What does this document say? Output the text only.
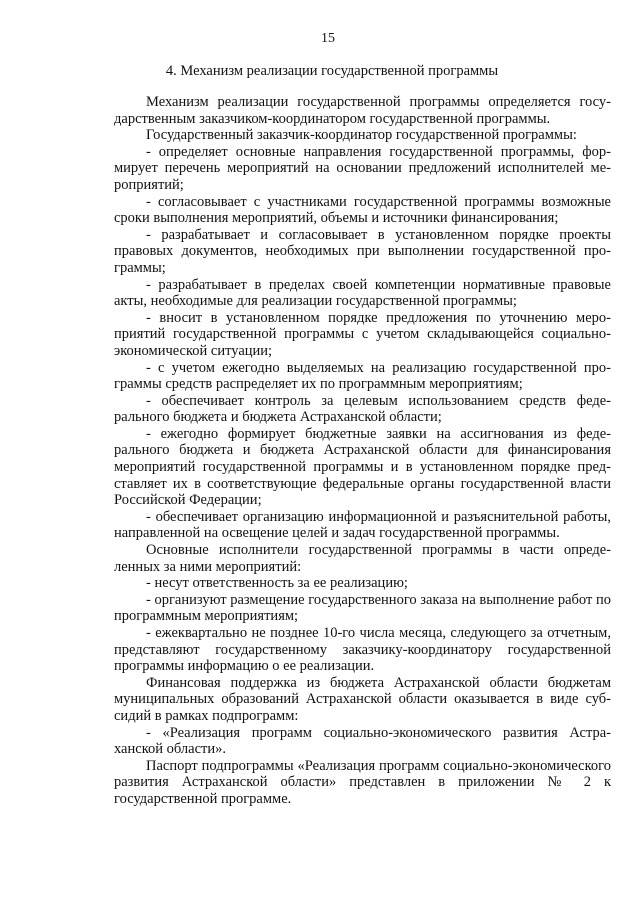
15
4. Механизм реализации государственной программы

Механизм реализации государственной программы определяется государственным заказчиком-координатором государственной программы.

Государственный заказчик-координатор государственной программы:

- определяет основные направления государственной программы, формирует перечень мероприятий на основании предложений исполнителей мероприятий;

- согласовывает с участниками государственной программы возможные сроки выполнения мероприятий, объемы и источники финансирования;

- разрабатывает и согласовывает в установленном порядке проекты правовых документов, необходимых при выполнении государственной программы;

- разрабатывает в пределах своей компетенции нормативные правовые акты, необходимые для реализации государственной программы;

- вносит в установленном порядке предложения по уточнению мероприятий государственной программы с учетом складывающейся социально-экономической ситуации;

- с учетом ежегодно выделяемых на реализацию государственной программы средств распределяет их по программным мероприятиям;

- обеспечивает контроль за целевым использованием средств федерального бюджета и бюджета Астраханской области;

- ежегодно формирует бюджетные заявки на ассигнования из федерального бюджета и бюджета Астраханской области для финансирования мероприятий государственной программы и в установленном порядке представляет их в соответствующие федеральные органы государственной власти Российской Федерации;

- обеспечивает организацию информационной и разъяснительной работы, направленной на освещение целей и задач государственной программы.

Основные исполнители государственной программы в части определенных за ними мероприятий:

- несут ответственность за ее реализацию;

- организуют размещение государственного заказа на выполнение работ по программным мероприятиям;

- ежеквартально не позднее 10-го числа месяца, следующего за отчетным, представляют государственному заказчику-координатору государственной программы информацию о ее реализации.

Финансовая поддержка из бюджета Астраханской области бюджетам муниципальных образований Астраханской области оказывается в виде субсидий в рамках подпрограмм:

- «Реализация программ социально-экономического развития Астраханской области».

Паспорт подпрограммы «Реализация программ социально-экономического развития Астраханской области» представлен в приложении № 2 к государственной программе.
